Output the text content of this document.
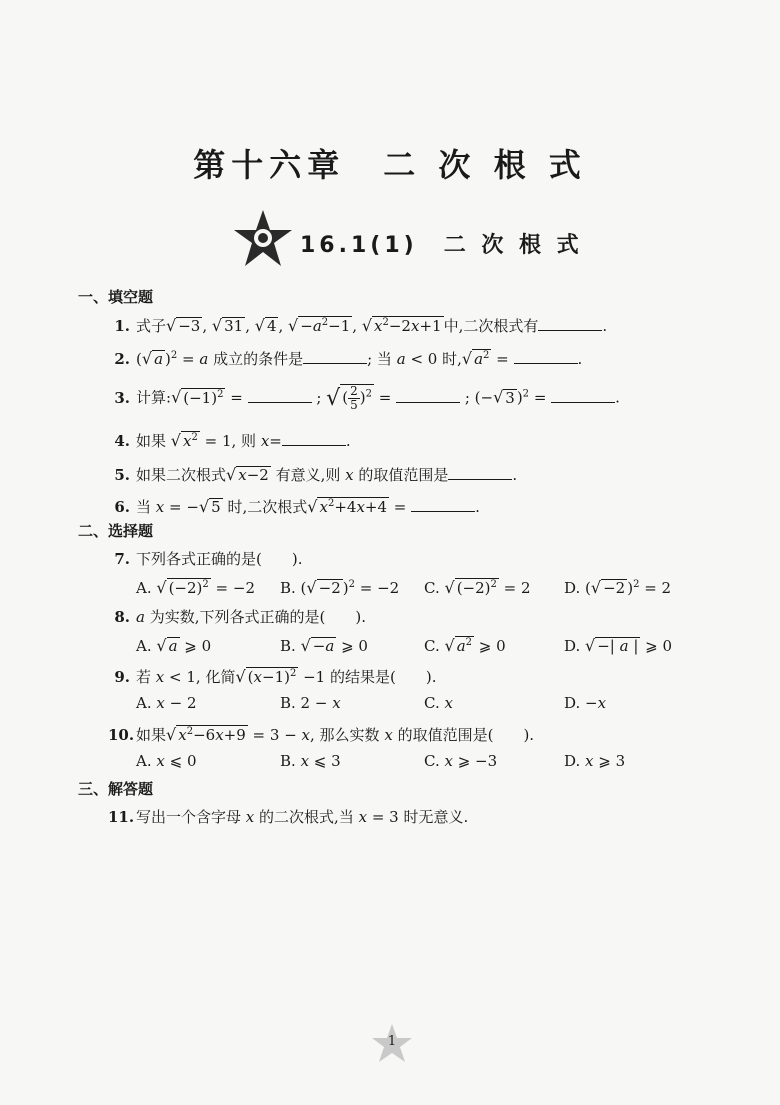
第十六章　二 次 根 式
16.1(1)　二 次 根 式
一、填空题
1. 式子√ −3 , √ 31 , √ 4 , √ $-a^2-1$ , √ $x^2-2x+1$ 中,二次根式有	.
2. (√ a )$^2$ = a 成立的条件是	; 当 a < 0 时,√ $a^2$ =	.
3. 计算:√ $(-1)^2$ =	; √ ( $\frac{2}{5} )^2$ =	; (−√ 3 )$^2$ =	.
4. 如果 √ $x^2 = 1$, 则 x=	.
5. 如果二次根式√ x−2 有意义,则 x 的取值范围是	.
6. 当 x = −√ 5 时,二次根式√ $x^2+4x+4$ =	.
二、选择题
7. 下列各式正确的是(　　).
A. √ $(-2)^2 = -2$ B. (√ −2 )$^2$ = −2 C. √ $(-2)^2 = 2$ D. (√ −2 )$^2$ = 2
8. a 为实数,下列各式正确的是(　　).
A. √ a ⩾ 0	B. √ −a ⩾ 0	C. √ $a^2$ ⩾ 0	D. √ −| a | ⩾ 0
9. 若 x < 1, 化简√ $(x-1)^2 -1$ 的结果是(　　).
A. x − 2	B. 2 − x	C. x	D. −x
10. 如果√ $x^2-6x+9 = 3 - x$, 那么实数 x 的取值范围是(　　).
A. x ⩽ 0	B. x ⩽ 3	C. x ⩾ −3	D. x ⩾ 3
三、解答题
11. 写出一个含字母 x 的二次根式,当 x = 3 时无意义.
1
